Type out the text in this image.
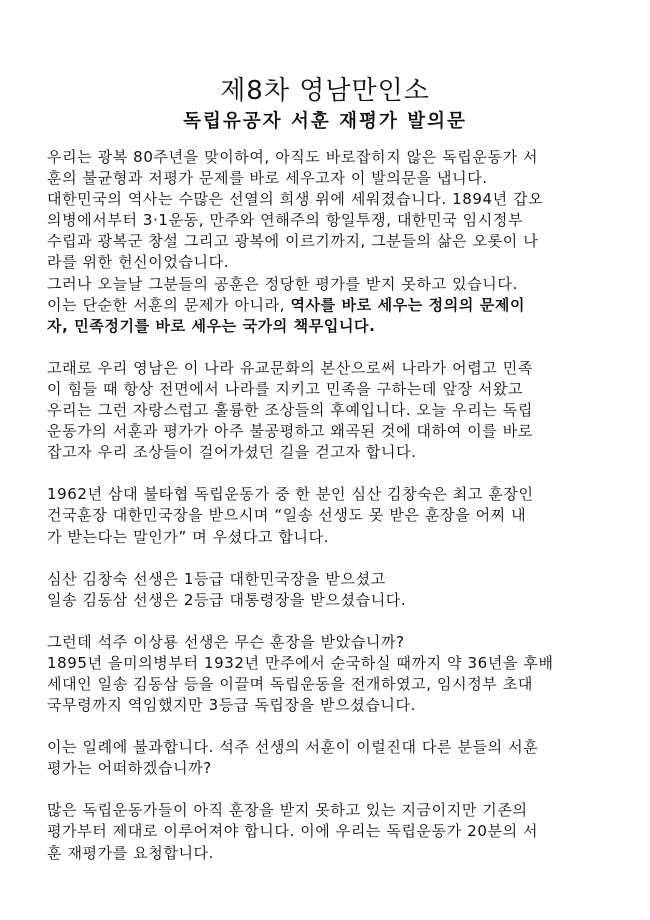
제8차 영남만인소
독립유공자 서훈 재평가 발의문
우리는 광복 80주년을 맞이하여, 아직도 바로잡히지 않은 독립운동가 서
훈의 불균형과 저평가 문제를 바로 세우고자 이 발의문을 냅니다.
대한민국의 역사는 수많은 선열의 희생 위에 세워졌습니다. 1894년 갑오
의병에서부터 3·1운동, 만주와 연해주의 항일투쟁, 대한민국 임시정부
수립과 광복군 창설 그리고 광복에 이르기까지, 그분들의 삶은 오롯이 나
라를 위한 헌신이었습니다.
그러나 오늘날 그분들의 공훈은 정당한 평가를 받지 못하고 있습니다.
이는 단순한 서훈의 문제가 아니라, 역사를 바로 세우는 정의의 문제이
자, 민족정기를 바로 세우는 국가의 책무입니다.
고래로 우리 영남은 이 나라 유교문화의 본산으로써 나라가 어렵고 민족
이 힘들 때 항상 전면에서 나라를 지키고 민족을 구하는데 앞장 서왔고
우리는 그런 자랑스럽고 훌륭한 조상들의 후예입니다. 오늘 우리는 독립
운동가의 서훈과 평가가 아주 불공평하고 왜곡된 것에 대하여 이를 바로
잡고자 우리 조상들이 걸어가셨던 길을 걷고자 합니다.
1962년 삼대 불타협 독립운동가 중 한 분인 심산 김창숙은 최고 훈장인
건국훈장 대한민국장을 받으시며 “일송 선생도 못 받은 훈장을 어찌 내
가 받는다는 말인가” 며 우셨다고 합니다.
심산 김창숙 선생은 1등급 대한민국장을 받으셨고
일송 김동삼 선생은 2등급 대통령장을 받으셨습니다.
그런데 석주 이상룡 선생은 무슨 훈장을 받았습니까?
1895년 을미의병부터 1932년 만주에서 순국하실 때까지 약 36년을 후배
세대인 일송 김동삼 등을 이끌며 독립운동을 전개하였고, 임시정부 초대
국무령까지 역임했지만 3등급 독립장을 받으셨습니다.
이는 일례에 불과합니다. 석주 선생의 서훈이 이럴진대 다른 분들의 서훈
평가는 어떠하겠습니까?
많은 독립운동가들이 아직 훈장을 받지 못하고 있는 지금이지만 기존의
평가부터 제대로 이루어져야 합니다. 이에 우리는 독립운동가 20분의 서
훈 재평가를 요청합니다.
